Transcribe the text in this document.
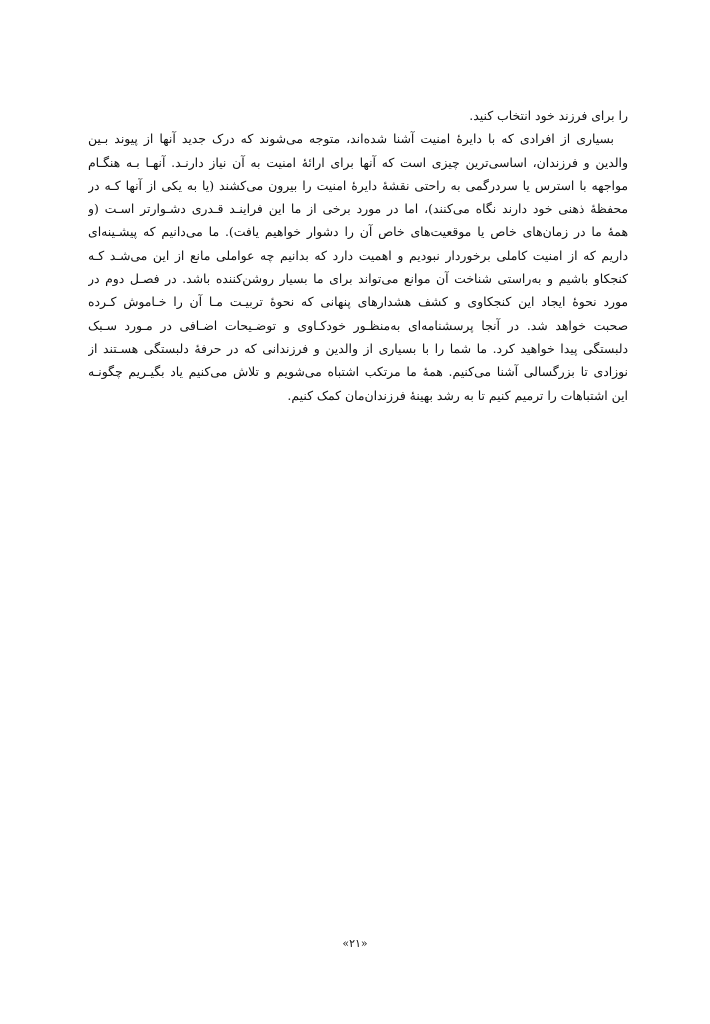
را برای فرزند خود انتخاب کنید.
بسیاری از افرادی که با دایرهٔ امنیت آشنا شده‌اند، متوجه می‌شوند که درک جدید آنها از پیوند بـین
والدین و فرزندان، اساسی‌ترین چیزی است که آنها برای ارائهٔ امنیت به آن نیاز دارنـد. آنهـا بـه هنگـام
مواجهه با استرس یا سردرگمی به راحتی نقشهٔ دایرهٔ امنیت را بیرون می‌کشند (یا به یکی از آنها کـه در
محفظهٔ ذهنی خود دارند نگاه می‌کنند)، اما در مورد برخی از ما این فراینـد قـدری دشـوارتر اسـت (و
همهٔ ما در زمان‌های خاص یا موقعیت‌های خاص آن را دشوار خواهیم یافت). ما می‌دانیم که پیشـینه‌ای
داریم که از امنیت کاملی برخوردار نبودیم و اهمیت دارد که بدانیم چه عواملی مانع از این می‌شـد کـه
کنجکاو باشیم و به‌راستی شناخت آن موانع می‌تواند برای ما بسیار روشن‌کننده باشد. در فصـل دوم در
مورد نحوهٔ ایجاد این کنجکاوی و کشف هشدارهای پنهانی که نحوهٔ تربیـت مـا آن را خـاموش کـرده
صحبت خواهد شد. در آنجا پرسشنامه‌ای به‌منظـور خودکـاوی و توضـیحات اضـافی در مـورد سـبک
دلبستگی پیدا خواهید کرد. ما شما را با بسیاری از والدین و فرزندانی که در حرفهٔ دلبستگی هسـتند از
نوزادی تا بزرگسالی آشنا می‌کنیم. همهٔ ما مرتکب اشتباه می‌شویم و تلاش می‌کنیم یاد بگیـریم چگونـه
این اشتباهات را ترمیم کنیم تا به رشد بهینهٔ فرزندان‌مان کمک کنیم.
«۲۱»
